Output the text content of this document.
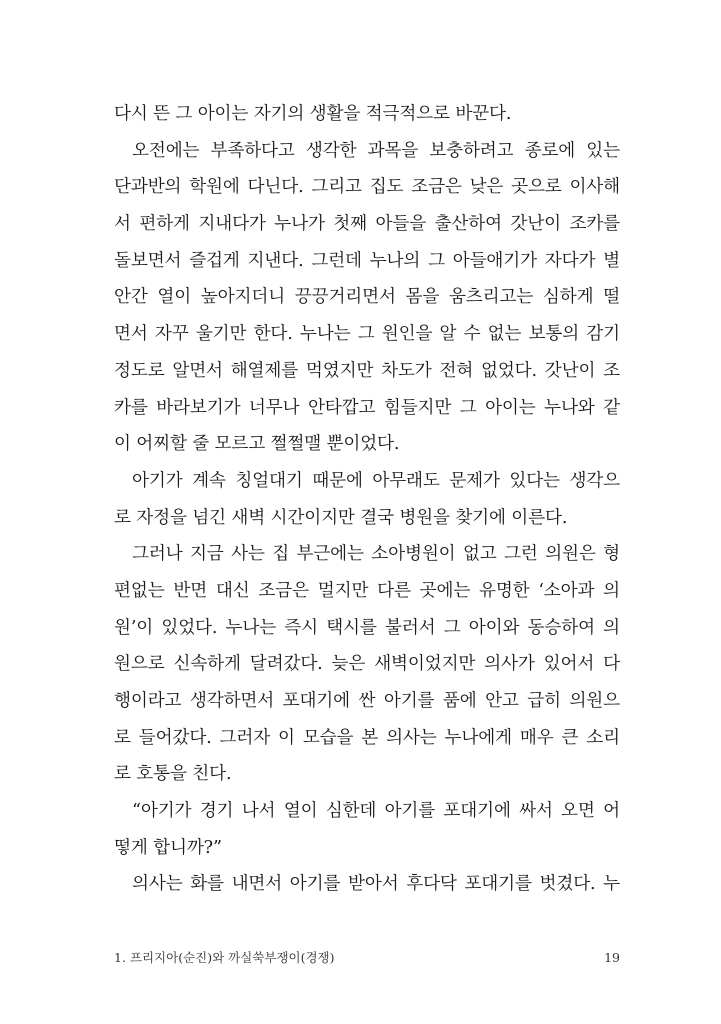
다시 뜬 그 아이는 자기의 생활을 적극적으로 바꾼다.
오전에는 부족하다고 생각한 과목을 보충하려고 종로에 있는
단과반의 학원에 다닌다. 그리고 집도 조금은 낮은 곳으로 이사해
서 편하게 지내다가 누나가 첫째 아들을 출산하여 갓난이 조카를
돌보면서 즐겁게 지낸다. 그런데 누나의 그 아들애기가 자다가 별
안간 열이 높아지더니 끙끙거리면서 몸을 움츠리고는 심하게 떨
면서 자꾸 울기만 한다. 누나는 그 원인을 알 수 없는 보통의 감기
정도로 알면서 해열제를 먹였지만 차도가 전혀 없었다. 갓난이 조
카를 바라보기가 너무나 안타깝고 힘들지만 그 아이는 누나와 같
이 어찌할 줄 모르고 쩔쩔맬 뿐이었다.
아기가 계속 칭얼대기 때문에 아무래도 문제가 있다는 생각으
로 자정을 넘긴 새벽 시간이지만 결국 병원을 찾기에 이른다.
그러나 지금 사는 집 부근에는 소아병원이 없고 그런 의원은 형
편없는 반면 대신 조금은 멀지만 다른 곳에는 유명한 ‘소아과 의
원’이 있었다. 누나는 즉시 택시를 불러서 그 아이와 동승하여 의
원으로 신속하게 달려갔다. 늦은 새벽이었지만 의사가 있어서 다
행이라고 생각하면서 포대기에 싼 아기를 품에 안고 급히 의원으
로 들어갔다. 그러자 이 모습을 본 의사는 누나에게 매우 큰 소리
로 호통을 친다.
“아기가 경기 나서 열이 심한데 아기를 포대기에 싸서 오면 어
떻게 합니까?”
의사는 화를 내면서 아기를 받아서 후다닥 포대기를 벗겼다. 누
1. 프리지아(순진)와 까실쑥부쟁이(경쟁)	19
